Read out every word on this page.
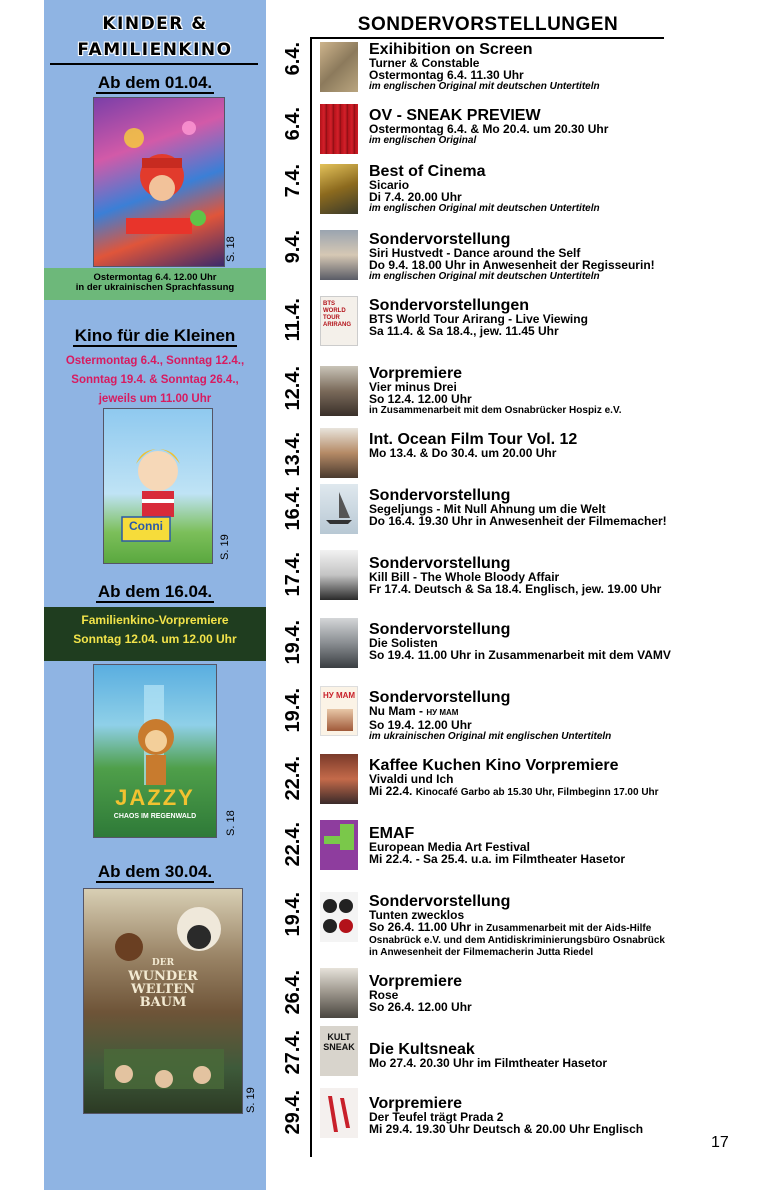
KINDER &
FAMILIENKINO
Ab dem 01.04.
S. 18
Ostermontag 6.4. 12.00 Uhr
in der ukrainischen Sprachfassung
Kino für die Kleinen
Ostermontag 6.4., Sonntag 12.4.,
Sonntag 19.4. & Sonntag 26.4.,
jeweils um 11.00 Uhr
Conni
S. 19
Ab dem 16.04.
Familienkino-Vorpremiere
Sonntag 12.04. um 12.00 Uhr
JAZZY
CHAOS IM REGENWALD	S. 18
Ab dem 30.04.
DER
WUNDER
WELTEN
BAUM
S. 19
SONDERVORSTELLUNGEN
6.4.	Exihibition on Screen
Turner & Constable
Ostermontag 6.4. 11.30 Uhr
im englischen Original mit deutschen Untertiteln
6.4.	OV - SNEAK PREVIEW
Ostermontag 6.4. & Mo 20.4. um 20.30 Uhr
im englischen Original
7.4.	Best of Cinema
Sicario
Di 7.4. 20.00 Uhr
im englischen Original mit deutschen Untertiteln
9.4.	Sondervorstellung
Siri Hustvedt - Dance around the Self
Do 9.4. 18.00 Uhr in Anwesenheit der Regisseurin!
im englischen Original mit deutschen Untertiteln
11.4.	BTS
WORLD
TOUR
ARIRANG
Sondervorstellungen
BTS World Tour Arirang - Live Viewing
Sa 11.4. & Sa 18.4., jew. 11.45 Uhr
12.4.	Vorpremiere
Vier minus Drei
So 12.4. 12.00 Uhr
in Zusammenarbeit mit dem Osnabrücker Hospiz e.V.
13.4.	Int. Ocean Film Tour Vol. 12
Mo 13.4. & Do 30.4. um 20.00 Uhr
16.4.	Sondervorstellung
Segeljungs - Mit Null Ahnung um die Welt
Do 16.4. 19.30 Uhr in Anwesenheit der Filmemacher!
17.4.	Sondervorstellung
Kill Bill - The Whole Bloody Affair
Fr 17.4. Deutsch & Sa 18.4. Englisch, jew. 19.00 Uhr
19.4.	Sondervorstellung
Die Solisten
So 19.4. 11.00 Uhr in Zusammenarbeit mit dem VAMV
19.4. НУ МАМ Sondervorstellung
Nu Mam - НУ МАМ
So 19.4. 12.00 Uhr
im ukrainischen Original mit englischen Untertiteln
22.4.	Kaffee Kuchen Kino Vorpremiere
Vivaldi und Ich
Mi 22.4. Kinocafé Garbo ab 15.30 Uhr, Filmbeginn 17.00 Uhr
22.4.	EMAF
European Media Art Festival
Mi 22.4. - Sa 25.4. u.a. im Filmtheater Hasetor
19.4.	Sondervorstellung
Tunten zwecklos
So 26.4. 11.00 Uhr in Zusammenarbeit mit der Aids-Hilfe
Osnabrück e.V. und dem Antidiskriminierungsbüro Osnabrück
in Anwesenheit der Filmemacherin Jutta Riedel
26.4.	Vorpremiere
Rose
So 26.4. 12.00 Uhr
27.4.	KULT SNEAK Die Kultsneak
Mo 27.4. 20.30 Uhr im Filmtheater Hasetor
29.4.	Vorpremiere
Der Teufel trägt Prada 2
Mi 29.4. 19.30 Uhr Deutsch & 20.00 Uhr Englisch
17
